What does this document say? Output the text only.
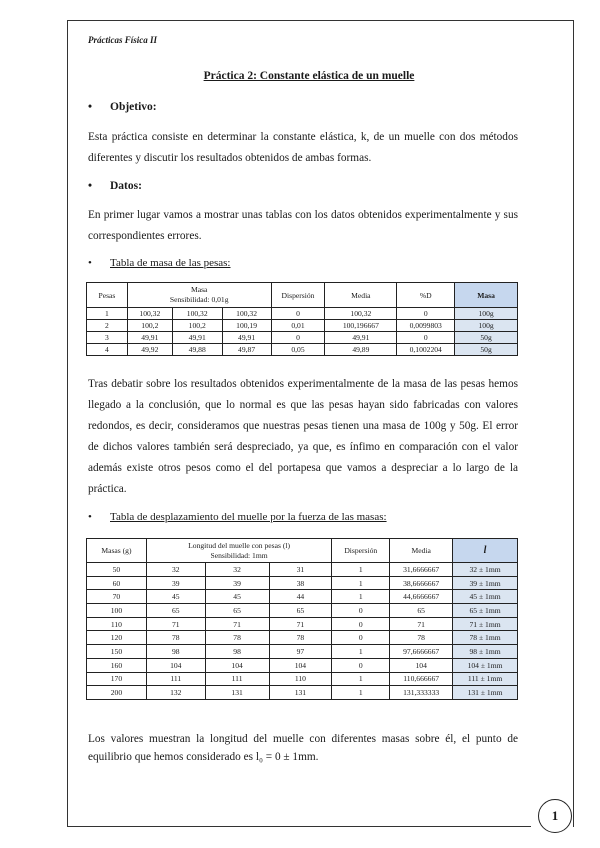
Prácticas Física II
Práctica 2: Constante elástica de un muelle
• Objetivo:
Esta práctica consiste en determinar la constante elástica, k, de un muelle con dos métodos diferentes y discutir los resultados obtenidos de ambas formas.
• Datos:
En primer lugar vamos a mostrar unas tablas con los datos obtenidos experimentalmente y sus correspondientes errores.
• Tabla de masa de las pesas:
Pesas	Masa
Sensibilidad: 0,01g			Dispersión	Media	%D	Masa
1	100,32	100,32	100,32	0	100,32	0	100g
2	100,2	100,2	100,19	0,01	100,196667	0,0099803	100g
3	49,91	49,91	49,91	0	49,91	0	50g
4	49,92	49,88	49,87	0,05	49,89	0,1002204	50g
Tras debatir sobre los resultados obtenidos experimentalmente de la masa de las pesas hemos llegado a la conclusión, que lo normal es que las pesas hayan sido fabricadas con valores redondos, es decir, consideramos que nuestras pesas tienen una masa de 100g y 50g. El error de dichos valores también será despreciado, ya que, es ínfimo en comparación con el valor además existe otros pesos como el del portapesa que vamos a despreciar a lo largo de la práctica.
• Tabla de desplazamiento del muelle por la fuerza de las masas:
Masas (g)	Longitud del muelle con pesas (l)
Sensibilidad: 1mm			Dispersión	Media	l
50	32	32	31	1	31,6666667	32 ± 1mm
60	39	39	38	1	38,6666667	39 ± 1mm
70	45	45	44	1	44,6666667	45 ± 1mm
100	65	65	65	0	65	65 ± 1mm
110	71	71	71	0	71	71 ± 1mm
120	78	78	78	0	78	78 ± 1mm
150	98	98	97	1	97,6666667	98 ± 1mm
160	104	104	104	0	104	104 ± 1mm
170	111	111	110	1	110,666667	111 ± 1mm
200	132	131	131	1	131,333333	131 ± 1mm
Los valores muestran la longitud del muelle con diferentes masas sobre él, el punto de equilibrio que hemos considerado es l₀ = 0 ± 1mm.
1
